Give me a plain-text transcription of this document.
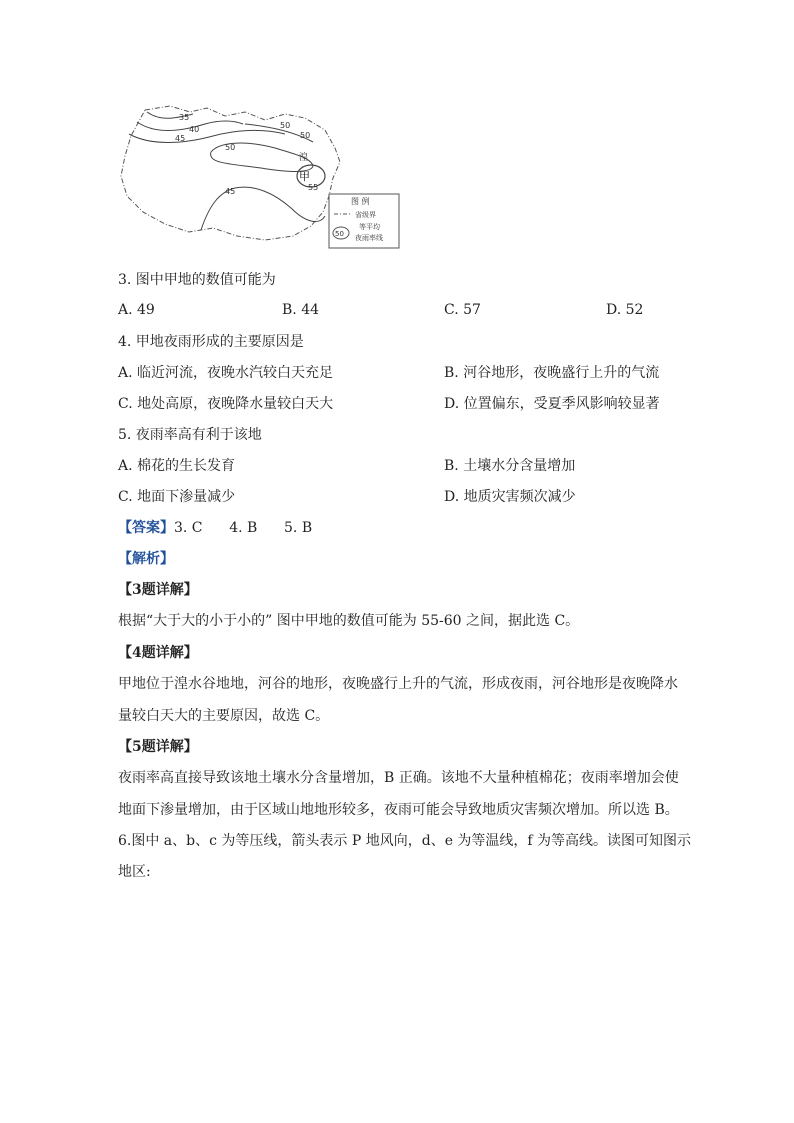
35
40
45
50
50
50
45	55
湟
甲
图 例
省级界
50
等平均
夜雨率线
3. 图中甲地的数值可能为
A. 49	B. 44	C. 57	D. 52
4. 甲地夜雨形成的主要原因是
A. 临近河流，夜晚水汽较白天充足	B. 河谷地形，夜晚盛行上升的气流
C. 地处高原，夜晚降水量较白天大	D. 位置偏东，受夏季风影响较显著
5. 夜雨率高有利于该地
A. 棉花的生长发育	B. 土壤水分含量增加
C. 地面下渗量减少	D. 地质灾害频次减少
【答案】3. C      4. B      5. B
【解析】
【3题详解】
根据“大于大的小于小的” 图中甲地的数值可能为 55-60 之间，据此选 C。
【4题详解】
甲地位于湟水谷地地，河谷的地形，夜晚盛行上升的气流，形成夜雨，河谷地形是夜晚降水
量较白天大的主要原因，故选 C。
【5题详解】
夜雨率高直接导致该地土壤水分含量增加，B 正确。该地不大量种植棉花；夜雨率增加会使
地面下渗量增加，由于区域山地地形较多，夜雨可能会导致地质灾害频次增加。所以选 B。
6.图中 a、b、c 为等压线，箭头表示 P 地风向，d、e 为等温线，f 为等高线。读图可知图示
地区:
